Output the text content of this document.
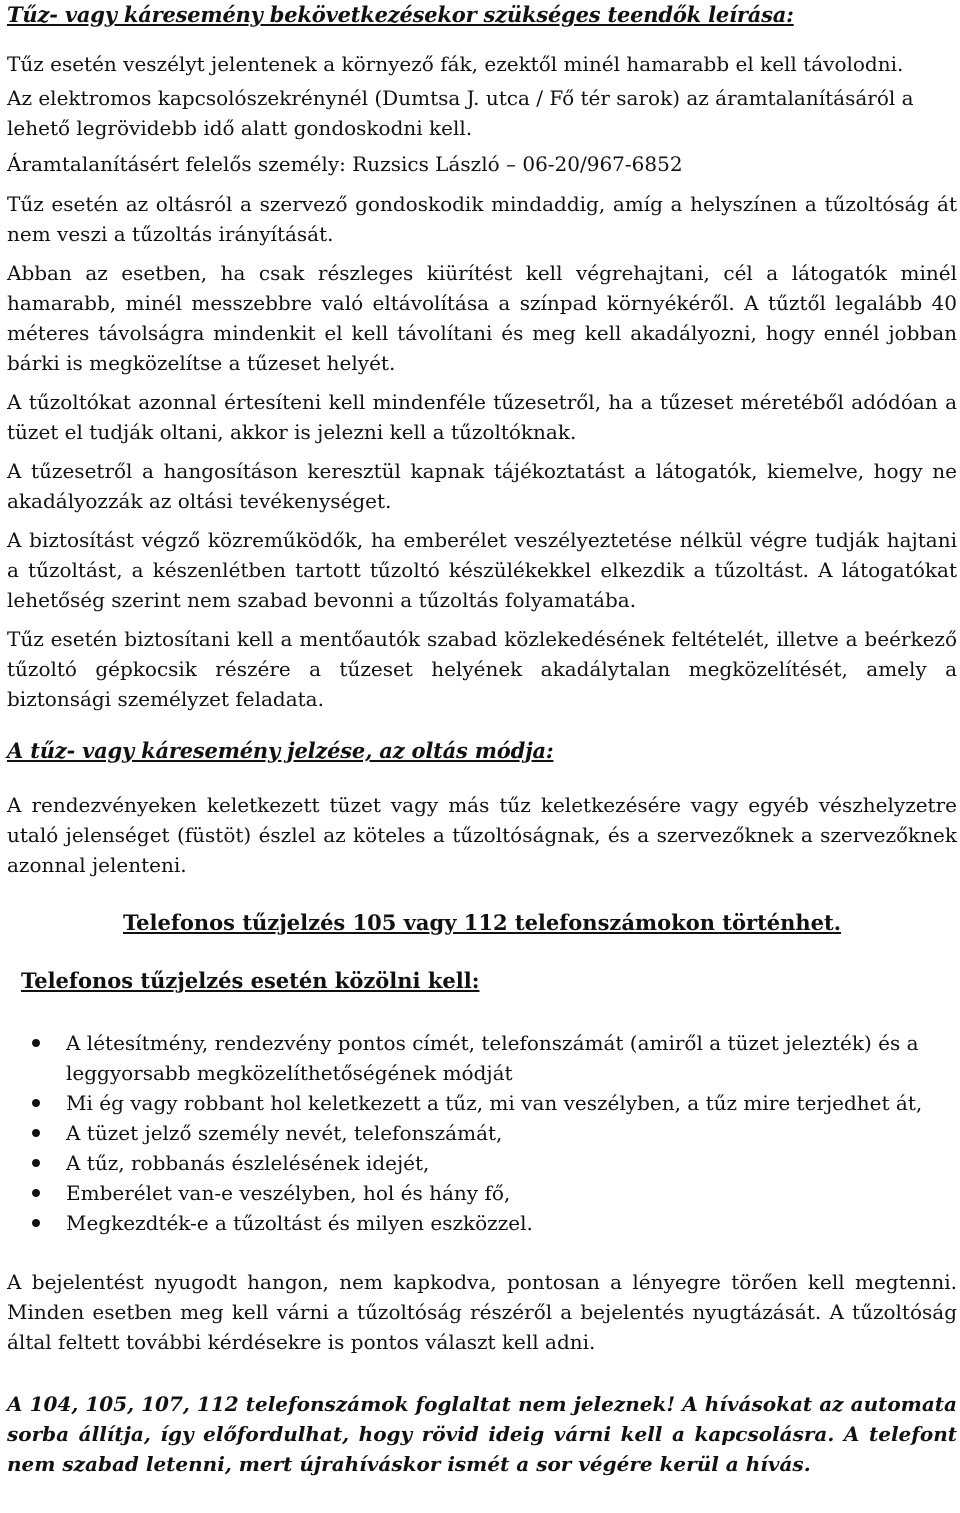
Tűz- vagy káresemény bekövetkezésekor szükséges teendők leírása:

Tűz esetén veszélyt jelentenek a környező fák, ezektől minél hamarabb el kell távolodni.

Az elektromos kapcsolószekrénynél (Dumtsa J. utca / Fő tér sarok) az áramtalanításáról a lehető legrövidebb idő alatt gondoskodni kell.

Áramtalanításért felelős személy: Ruzsics László – 06-20/967-6852

Tűz esetén az oltásról a szervező gondoskodik mindaddig, amíg a helyszínen a tűzoltóság át nem veszi a tűzoltás irányítását.

Abban az esetben, ha csak részleges kiürítést kell végrehajtani, cél a látogatók minél hamarabb, minél messzebbre való eltávolítása a színpad környékéről. A tűztől legalább 40 méteres távolságra mindenkit el kell távolítani és meg kell akadályozni, hogy ennél jobban bárki is megközelítse a tűzeset helyét.

A tűzoltókat azonnal értesíteni kell mindenféle tűzesetről, ha a tűzeset méretéből adódóan a tüzet el tudják oltani, akkor is jelezni kell a tűzoltóknak.

A tűzesetről a hangosításon keresztül kapnak tájékoztatást a látogatók, kiemelve, hogy ne akadályozzák az oltási tevékenységet.

A biztosítást végző közreműködők, ha emberélet veszélyeztetése nélkül végre tudják hajtani a tűzoltást, a készenlétben tartott tűzoltó készülékekkel elkezdik a tűzoltást. A látogatókat lehetőség szerint nem szabad bevonni a tűzoltás folyamatába.

Tűz esetén biztosítani kell a mentőautók szabad közlekedésének feltételét, illetve a beérkező tűzoltó gépkocsik részére a tűzeset helyének akadálytalan megközelítését, amely a biztonsági személyzet feladata.

A tűz- vagy káresemény jelzése, az oltás módja:

A rendezvényeken keletkezett tüzet vagy más tűz keletkezésére vagy egyéb vészhelyzetre utaló jelenséget (füstöt) észlel az köteles a tűzoltóságnak, és a szervezőknek a szervezőknek azonnal jelenteni.

Telefonos tűzjelzés 105 vagy 112 telefonszámokon történhet.

Telefonos tűzjelzés esetén közölni kell:

A létesítmény, rendezvény pontos címét, telefonszámát (amiről a tüzet jelezték) és a leggyorsabb megközelíthetőségének módját
Mi ég vagy robbant hol keletkezett a tűz, mi van veszélyben, a tűz mire terjedhet át,
A tüzet jelző személy nevét, telefonszámát,
A tűz, robbanás észlelésének idejét,
Emberélet van-e veszélyben, hol és hány fő,
Megkezdték-e a tűzoltást és milyen eszközzel.

A bejelentést nyugodt hangon, nem kapkodva, pontosan a lényegre törően kell megtenni. Minden esetben meg kell várni a tűzoltóság részéről a bejelentés nyugtázását. A tűzoltóság által feltett további kérdésekre is pontos választ kell adni.

A 104, 105, 107, 112 telefonszámok foglaltat nem jeleznek! A hívásokat az automata sorba állítja, így előfordulhat, hogy rövid ideig várni kell a kapcsolásra. A telefont nem szabad letenni, mert újrahíváskor ismét a sor végére kerül a hívás.
